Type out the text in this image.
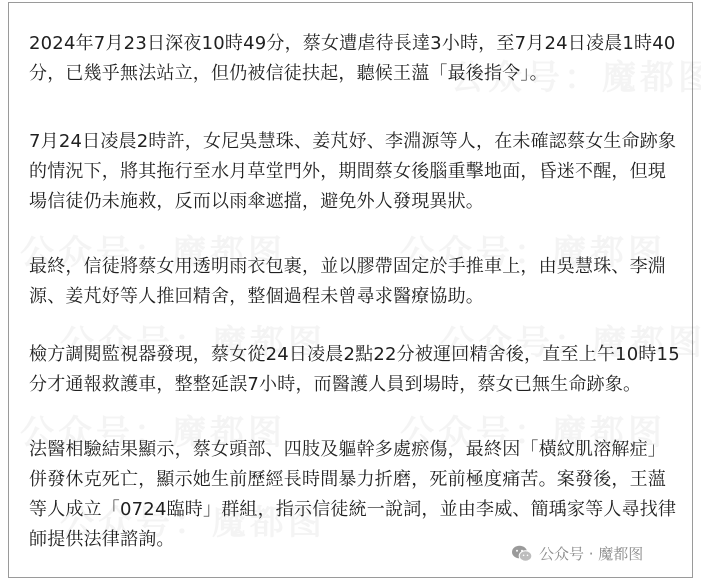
2024年7月23日深夜10時49分，蔡女遭虐待長達3小時，至7月24日凌晨1時40
分，已幾乎無法站立，但仍被信徒扶起，聽候王薀「最後指令」。

7月24日凌晨2時許，女尼吳慧珠、姜芃妤、李淵源等人，在未確認蔡女生命跡象
的情況下，將其拖行至水月草堂門外，期間蔡女後腦重擊地面，昏迷不醒，但現
場信徒仍未施救，反而以雨傘遮擋，避免外人發現異狀。

最終，信徒將蔡女用透明雨衣包裹，並以膠帶固定於手推車上，由吳慧珠、李淵
源、姜芃妤等人推回精舍，整個過程未曾尋求醫療協助。

檢方調閱監視器發現，蔡女從24日凌晨2點22分被運回精舍後，直至上午10時15
分才通報救護車，整整延誤7小時，而醫護人員到場時，蔡女已無生命跡象。

法醫相驗結果顯示，蔡女頭部、四肢及軀幹多處瘀傷，最終因「橫紋肌溶解症」
併發休克死亡，顯示她生前歷經長時間暴力折磨，死前極度痛苦。案發後，王薀
等人成立「0724臨時」群組，指示信徒統一說詞，並由李威、簡瑀家等人尋找律
師提供法律諮詢。

公众号 · 魔都图
